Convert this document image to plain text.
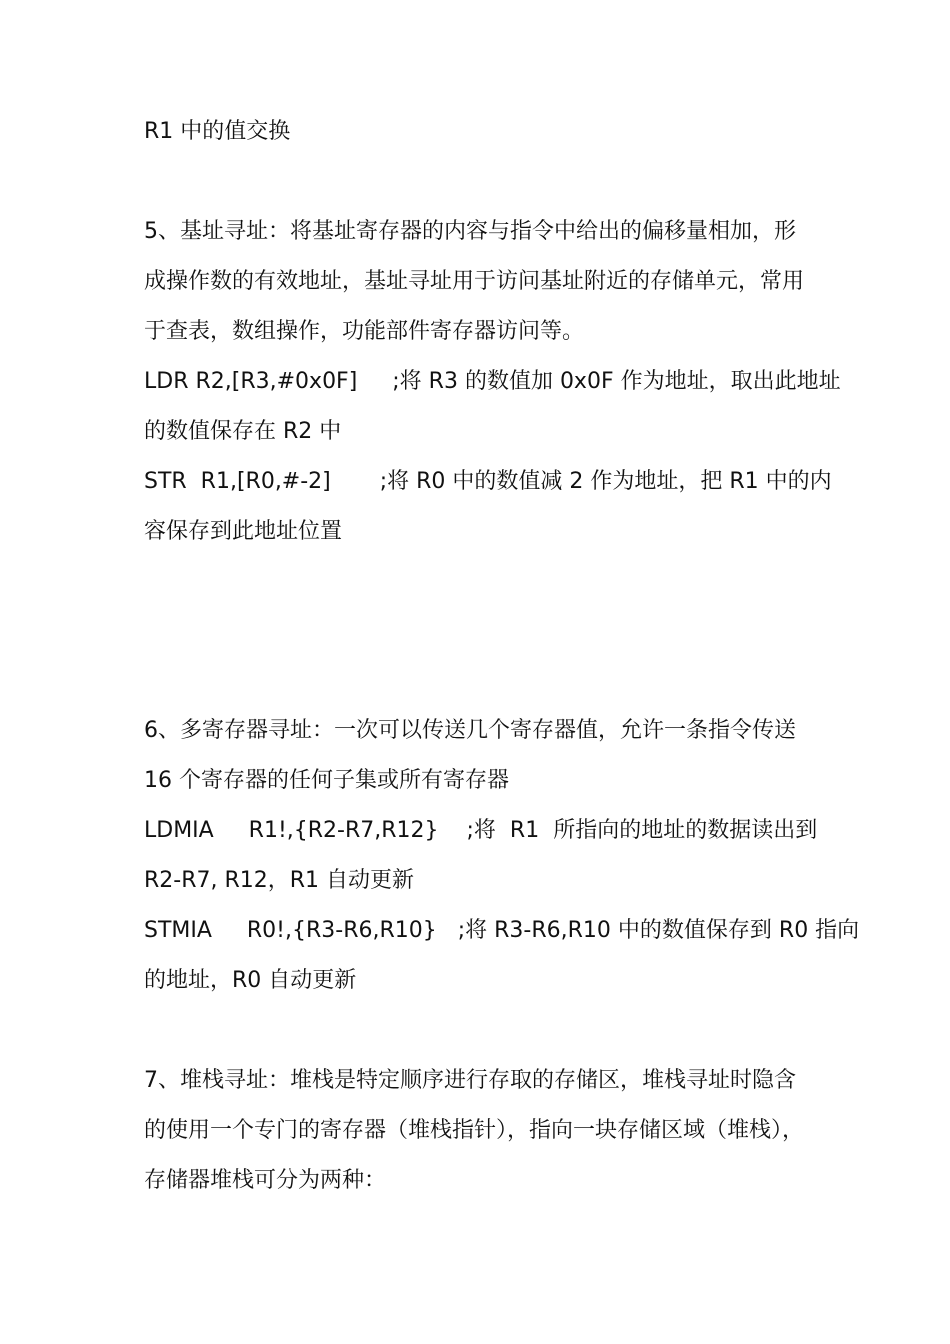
R1 中的值交换
5、基址寻址：将基址寄存器的内容与指令中给出的偏移量相加，形
成操作数的有效地址，基址寻址用于访问基址附近的存储单元，常用
于查表，数组操作，功能部件寄存器访问等。
LDR R2,[R3,#0x0F]     ;将 R3 的数值加 0x0F 作为地址，取出此地址
的数值保存在 R2 中
STR  R1,[R0,#-2]       ;将 R0 中的数值减 2 作为地址，把 R1 中的内
容保存到此地址位置
6、多寄存器寻址：一次可以传送几个寄存器值，允许一条指令传送
16 个寄存器的任何子集或所有寄存器
LDMIA     R1!,{R2-R7,R12}    ;将  R1  所指向的地址的数据读出到
R2-R7, R12，R1 自动更新
STMIA     R0!,{R3-R6,R10}   ;将 R3-R6,R10 中的数值保存到 R0 指向
的地址，R0 自动更新
7、堆栈寻址：堆栈是特定顺序进行存取的存储区，堆栈寻址时隐含
的使用一个专门的寄存器（堆栈指针），指向一块存储区域（堆栈），
存储器堆栈可分为两种：
